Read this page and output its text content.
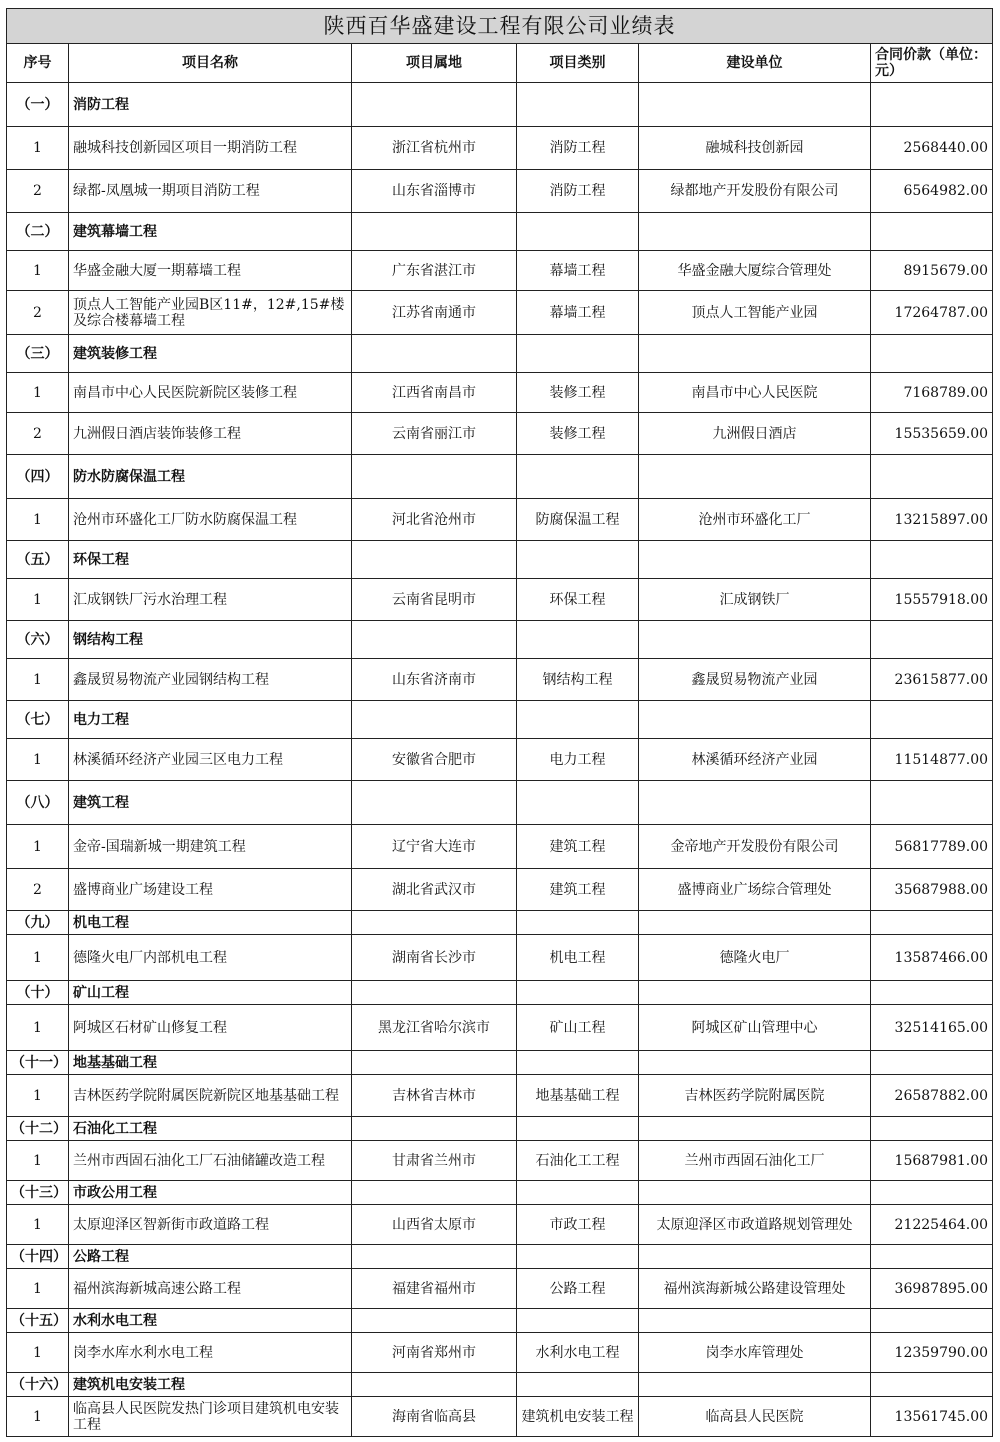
陕西百华盛建设工程有限公司业绩表					
序号	项目名称	项目属地	项目类别	建设单位	合同价款（单位：元）
（一）	消防工程				
1	融城科技创新园区项目一期消防工程	浙江省杭州市	消防工程	融城科技创新园	2568440.00
2	绿都-凤凰城一期项目消防工程	山东省淄博市	消防工程	绿都地产开发股份有限公司	6564982.00
（二）	建筑幕墙工程				
1	华盛金融大厦一期幕墙工程	广东省湛江市	幕墙工程	华盛金融大厦综合管理处	8915679.00
2	顶点人工智能产业园B区11#，12#,15#楼及综合楼幕墙工程	江苏省南通市	幕墙工程	顶点人工智能产业园	17264787.00
（三）	建筑装修工程				
1	南昌市中心人民医院新院区装修工程	江西省南昌市	装修工程	南昌市中心人民医院	7168789.00
2	九洲假日酒店装饰装修工程	云南省丽江市	装修工程	九洲假日酒店	15535659.00
（四）	防水防腐保温工程				
1	沧州市环盛化工厂防水防腐保温工程	河北省沧州市	防腐保温工程	沧州市环盛化工厂	13215897.00
（五）	环保工程				
1	汇成钢铁厂污水治理工程	云南省昆明市	环保工程	汇成钢铁厂	15557918.00
（六）	钢结构工程				
1	鑫晟贸易物流产业园钢结构工程	山东省济南市	钢结构工程	鑫晟贸易物流产业园	23615877.00
（七）	电力工程				
1	林溪循环经济产业园三区电力工程	安徽省合肥市	电力工程	林溪循环经济产业园	11514877.00
（八）	建筑工程				
1	金帝-国瑞新城一期建筑工程	辽宁省大连市	建筑工程	金帝地产开发股份有限公司	56817789.00
2	盛博商业广场建设工程	湖北省武汉市	建筑工程	盛博商业广场综合管理处	35687988.00
（九）	机电工程				
1	德隆火电厂内部机电工程	湖南省长沙市	机电工程	德隆火电厂	13587466.00
（十）	矿山工程				
1	阿城区石材矿山修复工程	黑龙江省哈尔滨市	矿山工程	阿城区矿山管理中心	32514165.00
（十一）	地基基础工程				
1	吉林医药学院附属医院新院区地基基础工程	吉林省吉林市	地基基础工程	吉林医药学院附属医院	26587882.00
（十二）	石油化工工程				
1	兰州市西固石油化工厂石油储罐改造工程	甘肃省兰州市	石油化工工程	兰州市西固石油化工厂	15687981.00
（十三）	市政公用工程				
1	太原迎泽区智新街市政道路工程	山西省太原市	市政工程	太原迎泽区市政道路规划管理处	21225464.00
（十四）	公路工程				
1	福州滨海新城高速公路工程	福建省福州市	公路工程	福州滨海新城公路建设管理处	36987895.00
（十五）	水利水电工程				
1	岗李水库水利水电工程	河南省郑州市	水利水电工程	岗李水库管理处	12359790.00
（十六）	建筑机电安装工程				
1	临高县人民医院发热门诊项目建筑机电安装工程	海南省临高县	建筑机电安装工程	临高县人民医院	13561745.00
